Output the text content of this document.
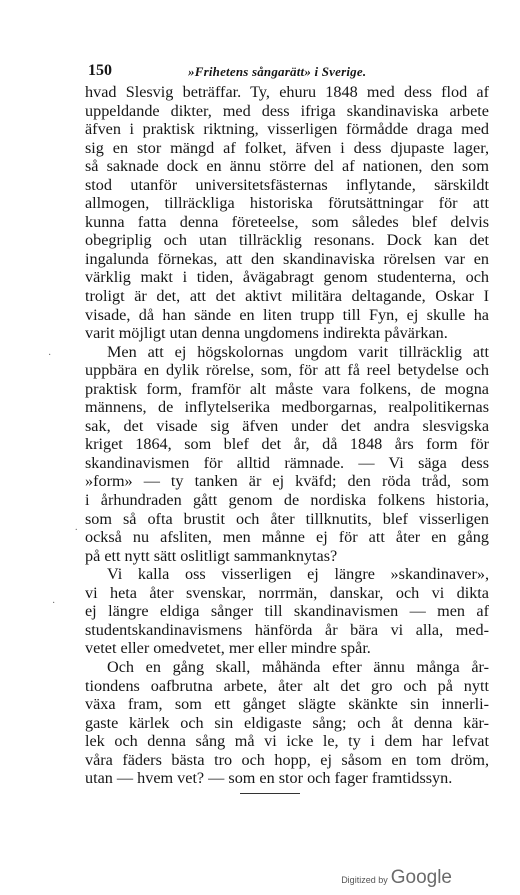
150	»Frihetens sångarätt» i Sverige.
hvad Slesvig beträffar. Ty, ehuru 1848 med dess flod af
uppeldande dikter, med dess ifriga skandinaviska arbete
äfven i praktisk riktning, visserligen förmådde draga med
sig en stor mängd af folket, äfven i dess djupaste lager,
så saknade dock en ännu större del af nationen, den som
stod utanför universitetsfästernas inflytande, särskildt
allmogen, tillräckliga historiska förutsättningar för att
kunna fatta denna företeelse, som således blef delvis
obegriplig och utan tillräcklig resonans. Dock kan det
ingalunda förnekas, att den skandinaviska rörelsen var en
värklig makt i tiden, åvägabragt genom studenterna, och
troligt är det, att det aktivt militära deltagande, Oskar I
visade, då han sände en liten trupp till Fyn, ej skulle ha
varit möjligt utan denna ungdomens indirekta påvärkan.
Men att ej högskolornas ungdom varit tillräcklig att
uppbära en dylik rörelse, som, för att få reel betydelse och
praktisk form, framför alt måste vara folkens, de mogna
männens, de inflytelserika medborgarnas, realpolitikernas
sak, det visade sig äfven under det andra slesvigska
kriget 1864, som blef det år, då 1848 års form för
skandinavismen för alltid rämnade. — Vi säga dess
»form» — ty tanken är ej kväfd; den röda tråd, som
i århundraden gått genom de nordiska folkens historia,
som så ofta brustit och åter tillknutits, blef visserligen
också nu afsliten, men månne ej för att åter en gång
på ett nytt sätt oslitligt sammanknytas?
Vi kalla oss visserligen ej längre »skandinaver»,
vi heta åter svenskar, norrmän, danskar, och vi dikta
ej längre eldiga sånger till skandinavismen — men af
studentskandinavismens hänförda år bära vi alla, med-
vetet eller omedvetet, mer eller mindre spår.
Och en gång skall, måhända efter ännu många år-
tiondens oafbrutna arbete, åter alt det gro och på nytt
växa fram, som ett gånget slägte skänkte sin innerli-
gaste kärlek och sin eldigaste sång; och åt denna kär-
lek och denna sång må vi icke le, ty i dem har lefvat
våra fäders bästa tro och hopp, ej såsom en tom dröm,
utan — hvem vet? — som en stor och fager framtidssyn.
·
·
.
Digitized by Google
